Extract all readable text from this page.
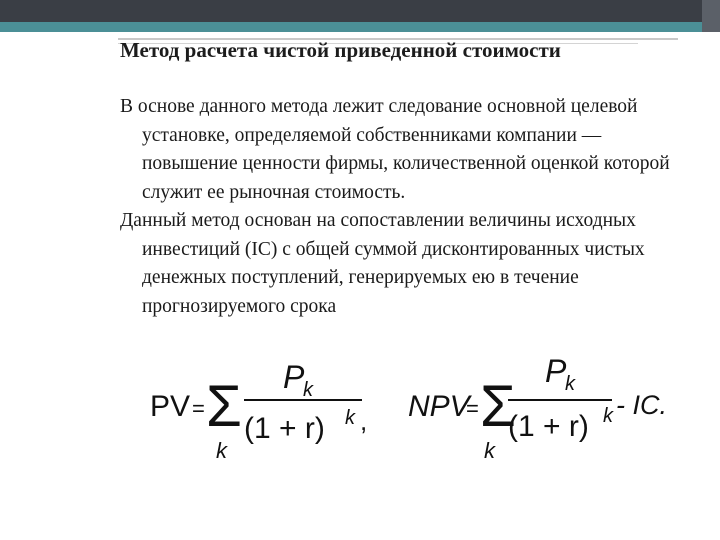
Метод расчета чистой приведенной стоимости

В основе данного метода лежит следование основной целевой установке, определяемой собственниками компании — повышение ценности фирмы, количественной оценкой которой служит ее рыночная стоимость.

Данный метод основан на сопоставлении величины исходных инвестиций (IC) с общей суммой дисконтированных чистых денежных поступлений, генерируемых ею в течение прогнозируемого срока

PV = Σ
k
P
k
(1 + r) k , NPV
= Σ
k
P
k
(1 + r) k - IC.
